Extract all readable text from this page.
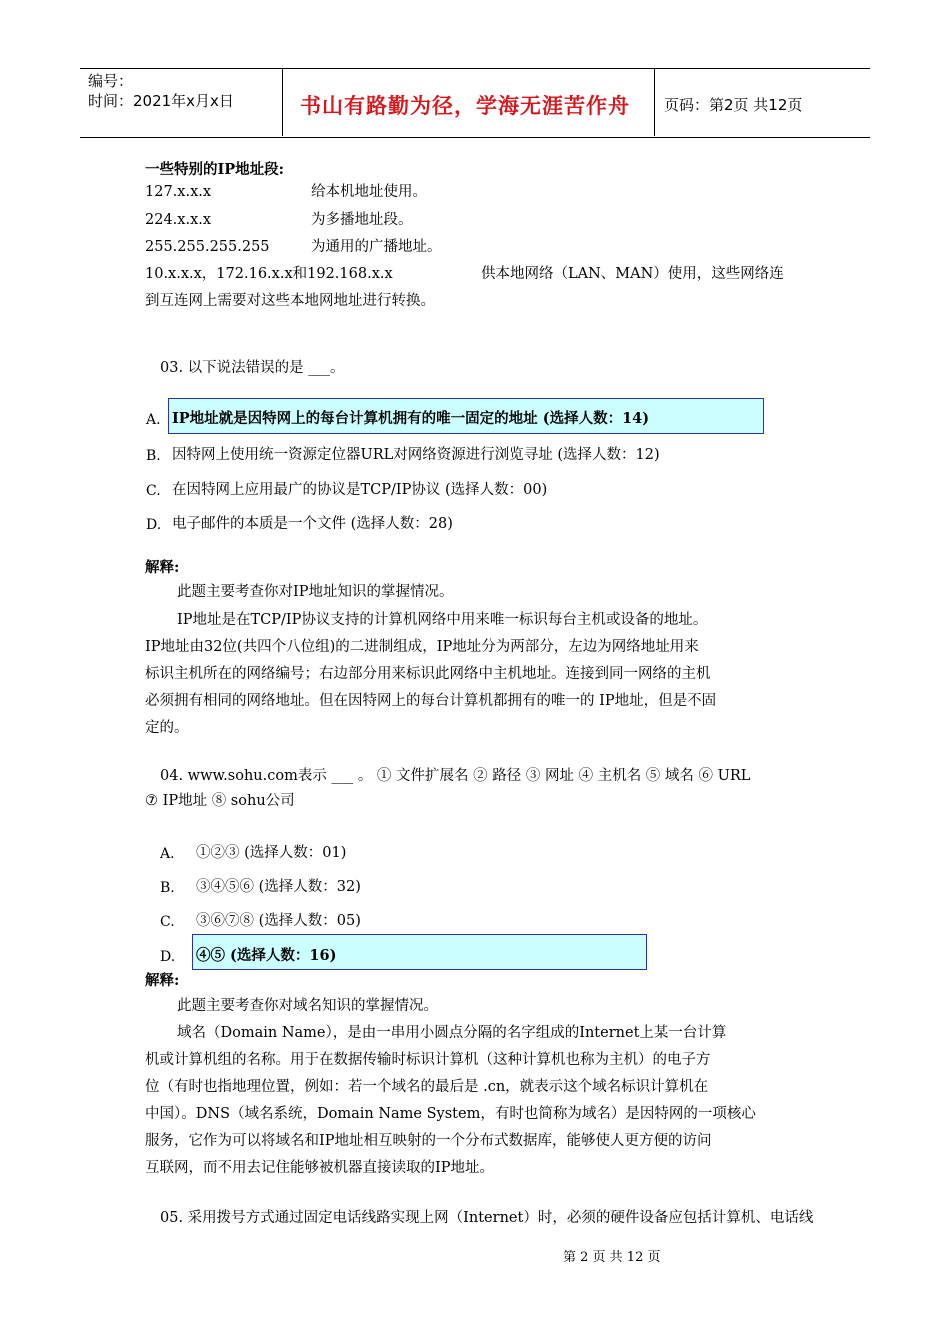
编号：
时间：2021年x月x日	书山有路勤为径，学海无涯苦作舟 页码：第2页 共12页
一些特别的IP地址段:
127.x.x.x	给本机地址使用。
224.x.x.x	为多播地址段。
255.255.255.255	为通用的广播地址。
10.x.x.x，172.16.x.x和192.168.x.x	供本地网络（LAN、MAN）使用，这些网络连
到互连网上需要对这些本地网地址进行转换。
03. 以下说法错误的是 ___。
A. IP地址就是因特网上的每台计算机拥有的唯一固定的地址 (选择人数：14)
B. 因特网上使用统一资源定位器URL对网络资源进行浏览寻址 (选择人数：12)
C. 在因特网上应用最广的协议是TCP/IP协议 (选择人数：00)
D. 电子邮件的本质是一个文件 (选择人数：28)
解释:
此题主要考查你对IP地址知识的掌握情况。
IP地址是在TCP/IP协议支持的计算机网络中用来唯一标识每台主机或设备的地址。
IP地址由32位(共四个八位组)的二进制组成，IP地址分为两部分，左边为网络地址用来
标识主机所在的网络编号；右边部分用来标识此网络中主机地址。连接到同一网络的主机
必须拥有相同的网络地址。但在因特网上的每台计算机都拥有的唯一的 IP地址，但是不固
定的。
04. www.sohu.com表示 ___ 。 ① 文件扩展名 ② 路径 ③ 网址 ④ 主机名 ⑤ 域名 ⑥ URL
⑦ IP地址 ⑧ sohu公司
A. ①②③ (选择人数：01)
B. ③④⑤⑥ (选择人数：32)
C. ③⑥⑦⑧ (选择人数：05)
D. ④⑤ (选择人数：16)
解释:
此题主要考查你对域名知识的掌握情况。
域名（Domain Name），是由一串用小圆点分隔的名字组成的Internet上某一台计算
机或计算机组的名称。用于在数据传输时标识计算机（这种计算机也称为主机）的电子方
位（有时也指地理位置，例如：若一个域名的最后是 .cn，就表示这个域名标识计算机在
中国）。DNS（域名系统，Domain Name System，有时也简称为域名）是因特网的一项核心
服务，它作为可以将域名和IP地址相互映射的一个分布式数据库，能够使人更方便的访问
互联网，而不用去记住能够被机器直接读取的IP地址。
05. 采用拨号方式通过固定电话线路实现上网（Internet）时，必须的硬件设备应包括计算机、电话线
第 2 页 共 12 页
